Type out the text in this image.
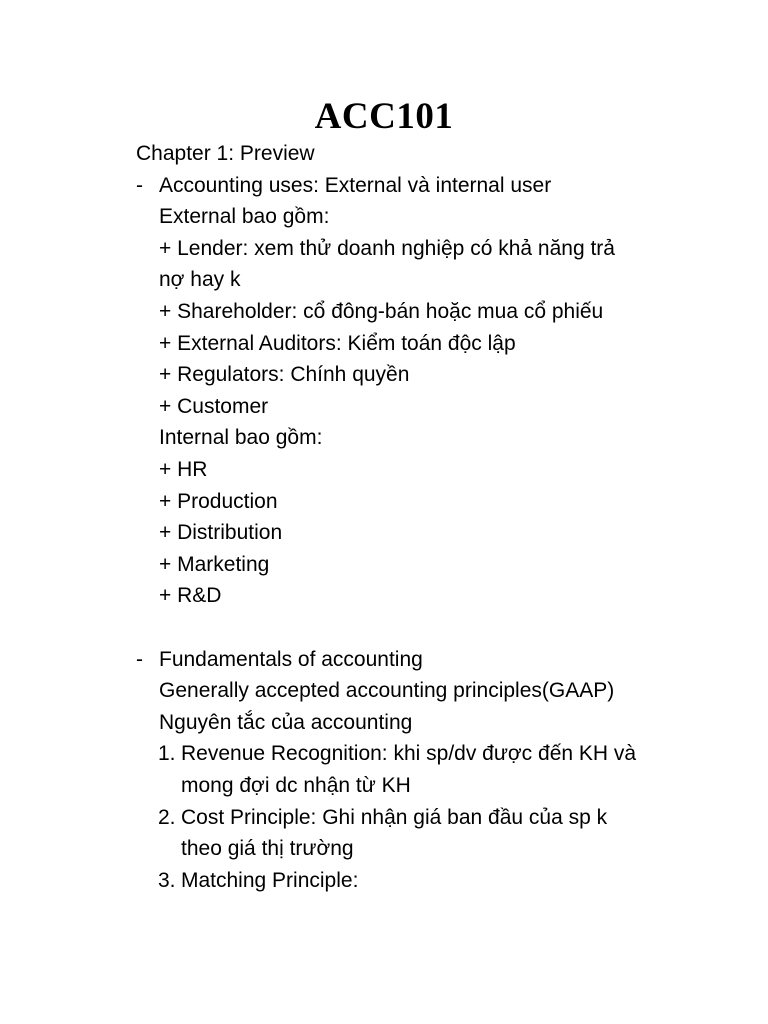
ACC101
Chapter 1: Preview
- Accounting uses: External và internal user
External bao gồm:
+ Lender: xem thử doanh nghiệp có khả năng trả
nợ hay k
+ Shareholder: cổ đông-bán hoặc mua cổ phiếu
+ External Auditors: Kiểm toán độc lập
+ Regulators: Chính quyền
+ Customer
Internal bao gồm:
+ HR
+ Production
+ Distribution
+ Marketing
+ R&D
- Fundamentals of accounting
Generally accepted accounting principles(GAAP)
Nguyên tắc của accounting
1. Revenue Recognition: khi sp/dv được đến KH và
mong đợi dc nhận từ KH
2. Cost Principle: Ghi nhận giá ban đầu của sp k
theo giá thị trường
3. Matching Principle:
